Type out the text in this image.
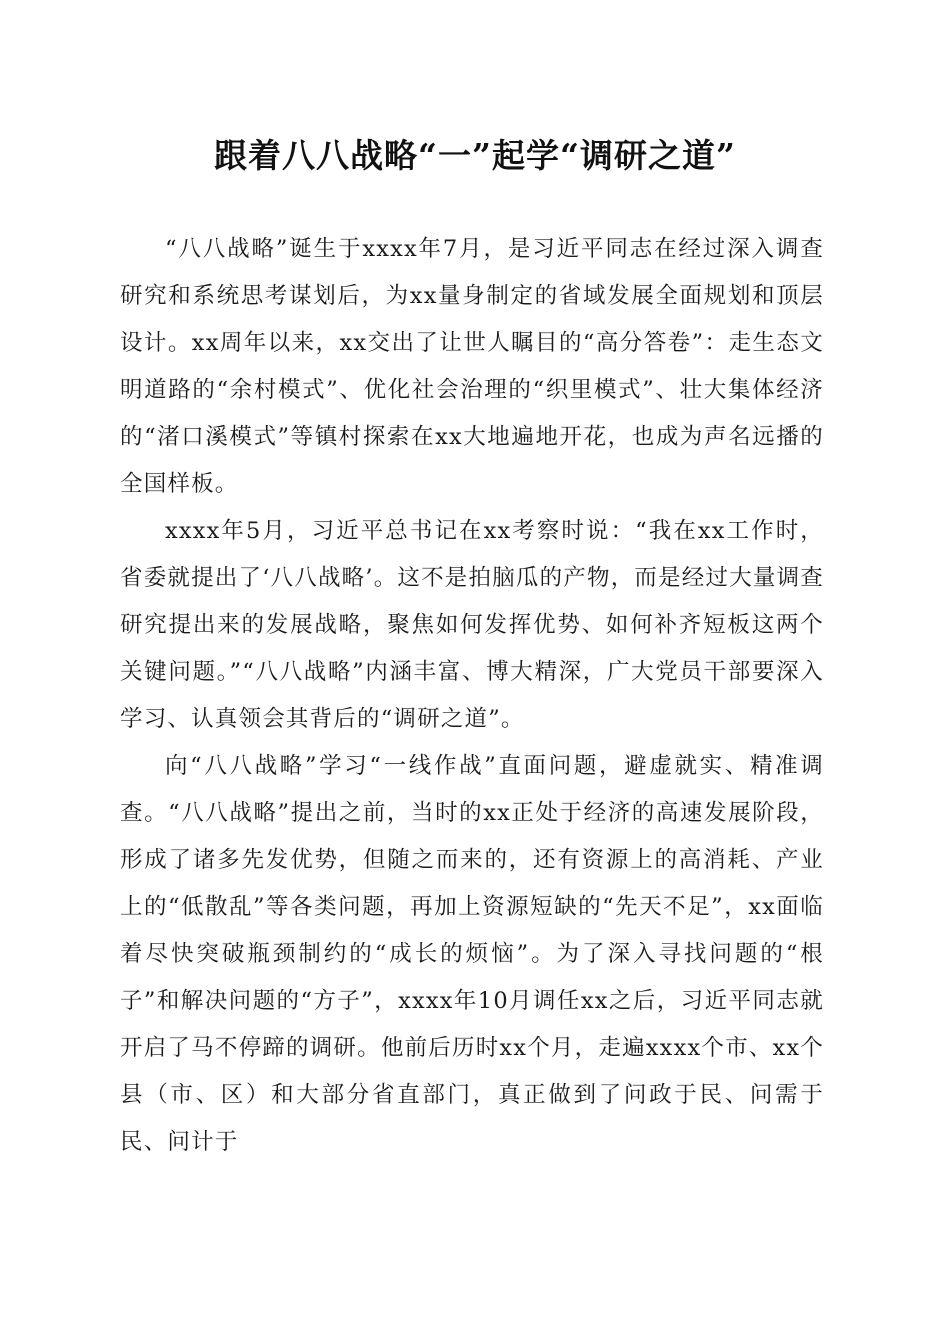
跟着八八战略“一”起学“调研之道”

“八八战略”诞生于xxxx年7月，是习近平同志在经过深入调查研究和系统思考谋划后，为xx量身制定的省域发展全面规划和顶层设计。xx周年以来，xx交出了让世人瞩目的“高分答卷”：走生态文明道路的“余村模式”、优化社会治理的“织里模式”、壮大集体经济的“渚口溪模式”等镇村探索在xx大地遍地开花，也成为声名远播的全国样板。

xxxx年5月，习近平总书记在xx考察时说：“我在xx工作时，省委就提出了‘八八战略’。这不是拍脑瓜的产物，而是经过大量调查研究提出来的发展战略，聚焦如何发挥优势、如何补齐短板这两个关键问题。”“八八战略”内涵丰富、博大精深，广大党员干部要深入学习、认真领会其背后的“调研之道”。

向“八八战略”学习“一线作战”直面问题，避虚就实、精准调查。“八八战略”提出之前，当时的xx正处于经济的高速发展阶段，形成了诸多先发优势，但随之而来的，还有资源上的高消耗、产业上的“低散乱”等各类问题，再加上资源短缺的“先天不足”，xx面临着尽快突破瓶颈制约的“成长的烦恼”。为了深入寻找问题的“根子”和解决问题的“方子”，xxxx年10月调任xx之后，习近平同志就开启了马不停蹄的调研。他前后历时xx个月，走遍xxxx个市、xx个县（市、区）和大部分省直部门，真正做到了问政于民、问需于民、问计于
